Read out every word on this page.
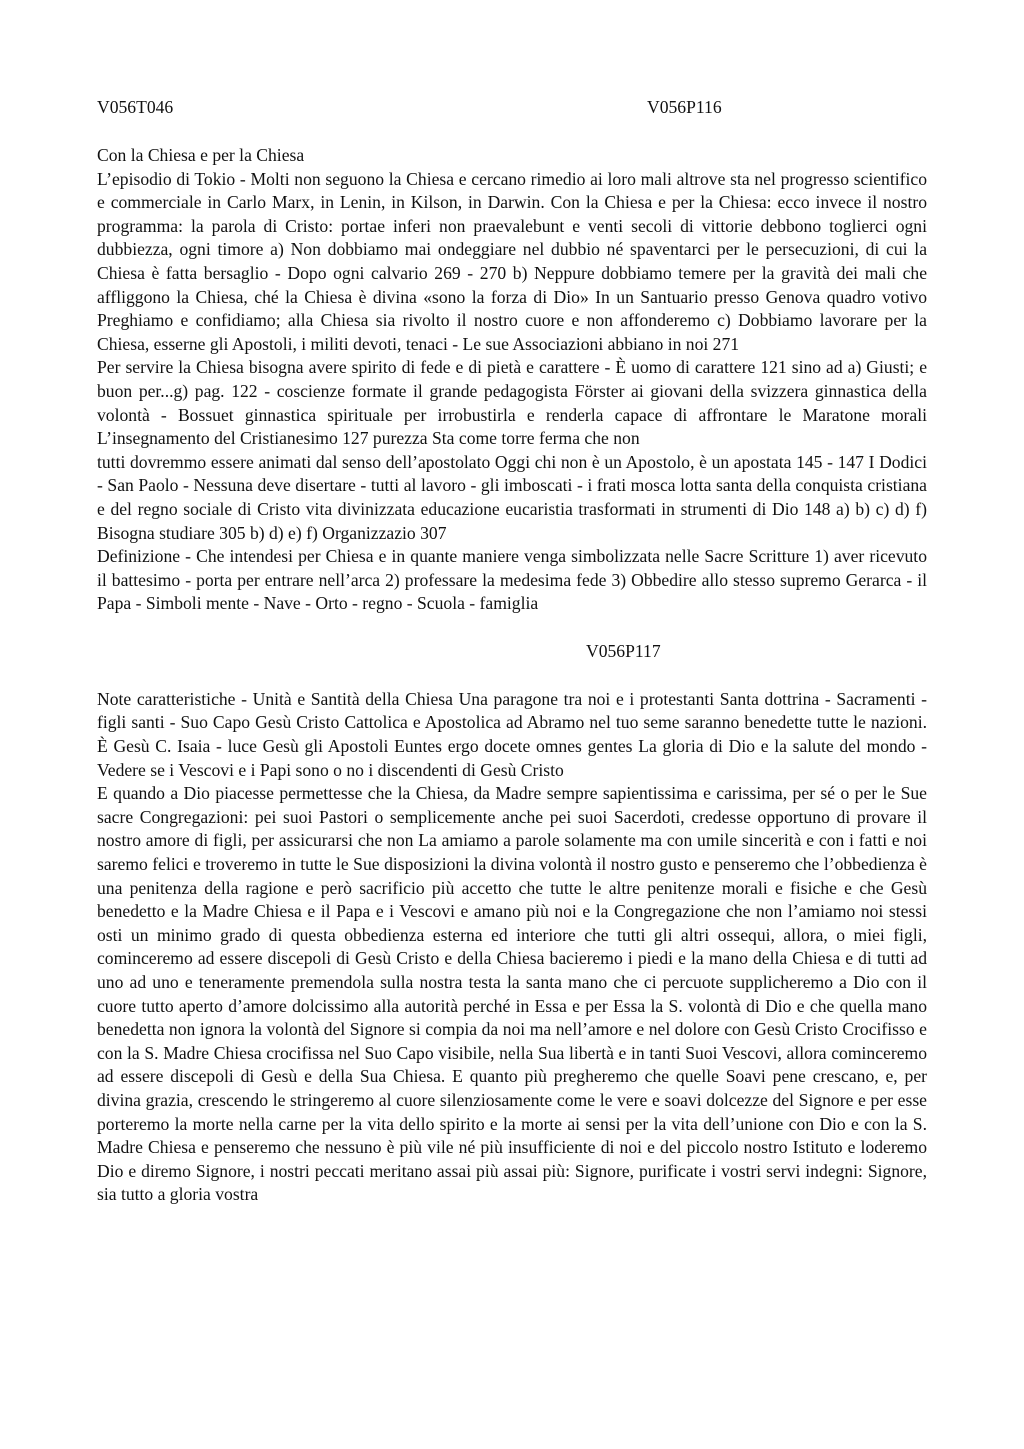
V056T046	V056P116

Con la Chiesa e per la Chiesa

L’episodio di Tokio - Molti non seguono la Chiesa e cercano rimedio ai loro mali altrove sta nel progresso scientifico e commerciale in Carlo Marx, in Lenin, in Kilson, in Darwin. Con la Chiesa e per la Chiesa: ecco invece il nostro programma: la parola di Cristo: portae inferi non praevalebunt e venti secoli di vittorie debbono toglierci ogni dubbiezza, ogni timore a) Non dobbiamo mai ondeggiare nel dubbio né spaventarci per le persecuzioni, di cui la Chiesa è fatta bersaglio - Dopo ogni calvario 269 - 270 b) Neppure dobbiamo temere per la gravità dei mali che affliggono la Chiesa, ché la Chiesa è divina «sono la forza di Dio» In un Santuario presso Genova quadro votivo Preghiamo e confidiamo; alla Chiesa sia rivolto il nostro cuore e non affonderemo c) Dobbiamo lavorare per la Chiesa, esserne gli Apostoli, i militi devoti, tenaci - Le sue Associazioni abbiano in noi 271

Per servire la Chiesa bisogna avere spirito di fede e di pietà e carattere - È uomo di carattere 121 sino ad a) Giusti; e buon per...g) pag. 122 - coscienze formate il grande pedagogista Förster ai giovani della svizzera ginnastica della volontà - Bossuet ginnastica spirituale per irrobustirla e renderla capace di affrontare le Maratone morali L’insegnamento del Cristianesimo 127 purezza Sta come torre ferma che non

tutti dovremmo essere animati dal senso dell’apostolato Oggi chi non è un Apostolo, è un apostata 145 - 147 I Dodici - San Paolo - Nessuna deve disertare - tutti al lavoro - gli imboscati - i frati mosca lotta santa della conquista cristiana e del regno sociale di Cristo vita divinizzata educazione eucaristia trasformati in strumenti di Dio 148 a) b) c) d) f) Bisogna studiare 305 b) d) e) f) Organizzazio 307

Definizione - Che intendesi per Chiesa e in quante maniere venga simbolizzata nelle Sacre Scritture 1) aver ricevuto il battesimo - porta per entrare nell’arca 2) professare la medesima fede 3) Obbedire allo stesso supremo Gerarca - il Papa - Simboli mente - Nave - Orto - regno - Scuola - famiglia

V056P117

Note caratteristiche - Unità e Santità della Chiesa Una paragone tra noi e i protestanti Santa dottrina - Sacramenti - figli santi - Suo Capo Gesù Cristo Cattolica e Apostolica ad Abramo nel tuo seme saranno benedette tutte le nazioni. È Gesù C. Isaia - luce Gesù gli Apostoli Euntes ergo docete omnes gentes La gloria di Dio e la salute del mondo - Vedere se i Vescovi e i Papi sono o no i discendenti di Gesù Cristo

E quando a Dio piacesse permettesse che la Chiesa, da Madre sempre sapientissima e carissima, per sé o per le Sue sacre Congregazioni: pei suoi Pastori o semplicemente anche pei suoi Sacerdoti, credesse opportuno di provare il nostro amore di figli, per assicurarsi che non La amiamo a parole solamente ma con umile sincerità e con i fatti e noi saremo felici e troveremo in tutte le Sue disposizioni la divina volontà il nostro gusto e penseremo che l’obbedienza è una penitenza della ragione e però sacrificio più accetto che tutte le altre penitenze morali e fisiche e che Gesù benedetto e la Madre Chiesa e il Papa e i Vescovi e amano più noi e la Congregazione che non l’amiamo noi stessi osti un minimo grado di questa obbedienza esterna ed interiore che tutti gli altri ossequi, allora, o miei figli, cominceremo ad essere discepoli di Gesù Cristo e della Chiesa bacieremo i piedi e la mano della Chiesa e di tutti ad uno ad uno e teneramente premendola sulla nostra testa la santa mano che ci percuote supplicheremo a Dio con il cuore tutto aperto d’amore dolcissimo alla autorità perché in Essa e per Essa la S. volontà di Dio e che quella mano benedetta non ignora la volontà del Signore si compia da noi ma nell’amore e nel dolore con Gesù Cristo Crocifisso e con la S. Madre Chiesa crocifissa nel Suo Capo visibile, nella Sua libertà e in tanti Suoi Vescovi, allora cominceremo ad essere discepoli di Gesù e della Sua Chiesa. E quanto più pregheremo che quelle Soavi pene crescano, e, per divina grazia, crescendo le stringeremo al cuore silenziosamente come le vere e soavi dolcezze del Signore e per esse porteremo la morte nella carne per la vita dello spirito e la morte ai sensi per la vita dell’unione con Dio e con la S. Madre Chiesa e penseremo che nessuno è più vile né più insufficiente di noi e del piccolo nostro Istituto e loderemo Dio e diremo Signore, i nostri peccati meritano assai più assai più: Signore, purificate i vostri servi indegni: Signore, sia tutto a gloria vostra
